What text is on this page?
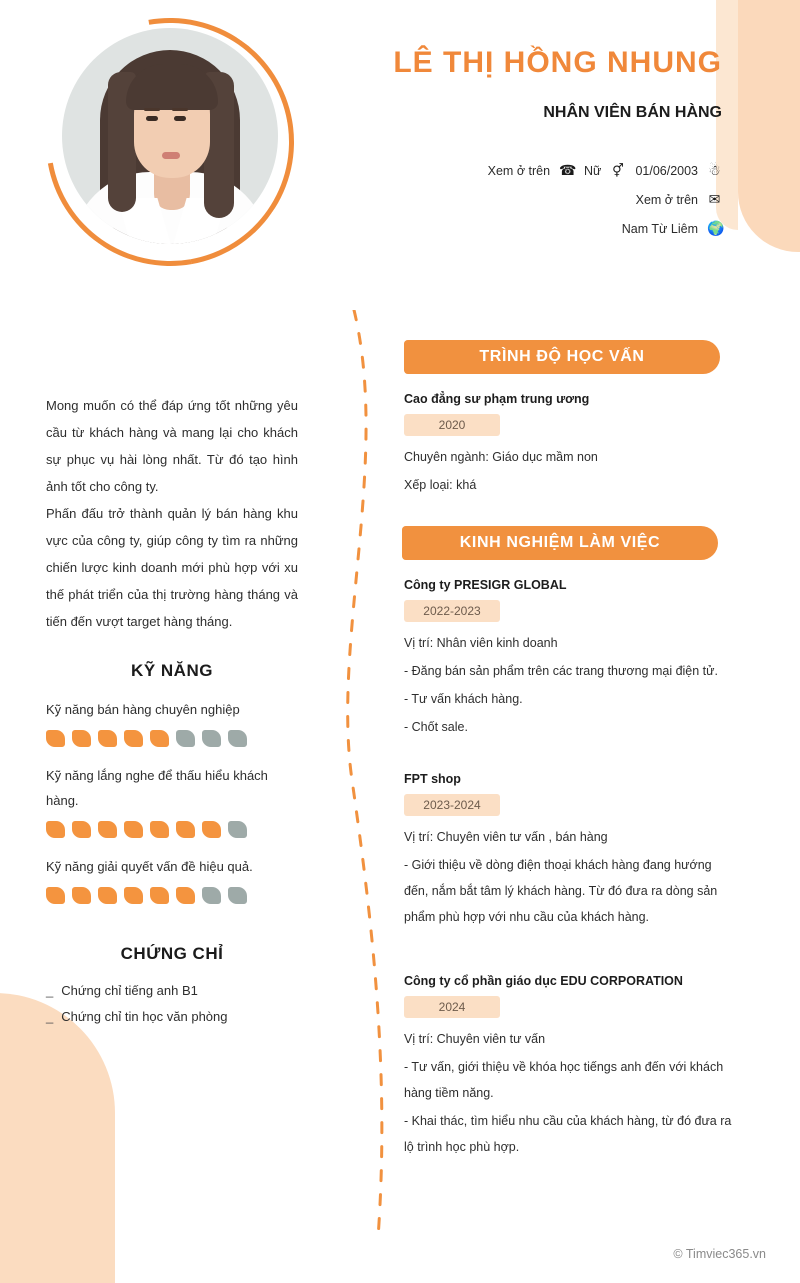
LÊ THỊ HỒNG NHUNG
NHÂN VIÊN BÁN HÀNG
Xem ở trên ☎ Nữ ⚥ 01/06/2003 ☃
Xem ở trên ✉
Nam Từ Liêm 🌍

Mong muốn có thể đáp ứng tốt những yêu cầu từ khách hàng và mang lại cho khách sự phục vụ hài lòng nhất. Từ đó tạo hình ảnh tốt cho công ty.

Phấn đấu trở thành quản lý bán hàng khu vực của công ty, giúp công ty tìm ra những chiến lược kinh doanh mới phù hợp với xu thế phát triển của thị trường hàng tháng và tiến đến vượt target hàng tháng.

KỸ NĂNG
Kỹ năng bán hàng chuyên nghiệp
Kỹ năng lắng nghe để thấu hiểu khách hàng.
Kỹ năng giải quyết vấn đề hiệu quả.
CHỨNG CHỈ
_ Chứng chỉ tiếng anh B1
_ Chứng chỉ tin học văn phòng
TRÌNH ĐỘ HỌC VẤN
Cao đẳng sư phạm trung ương
2020
Chuyên ngành: Giáo dục mầm non
Xếp loại: khá
KINH NGHIỆM LÀM VIỆC
Công ty PRESIGR GLOBAL
2022-2023
Vị trí: Nhân viên kinh doanh
- Đăng bán sản phẩm trên các trang thương mại điện tử.
- Tư vấn khách hàng.
- Chốt sale.
FPT shop
2023-2024
Vị trí: Chuyên viên tư vấn , bán hàng
- Giới thiệu về dòng điện thoại khách hàng đang hướng đến, nắm bắt tâm lý khách hàng. Từ đó đưa ra dòng sản phẩm phù hợp với nhu cầu của khách hàng.
Công ty cổ phần giáo dục EDU CORPORATION
2024
Vị trí: Chuyên viên tư vấn
- Tư vấn, giới thiệu về khóa học tiếngs anh đến với khách hàng tiềm năng.
- Khai thác, tìm hiểu nhu cầu của khách hàng, từ đó đưa ra lộ trình học phù hợp.
© Timviec365.vn
